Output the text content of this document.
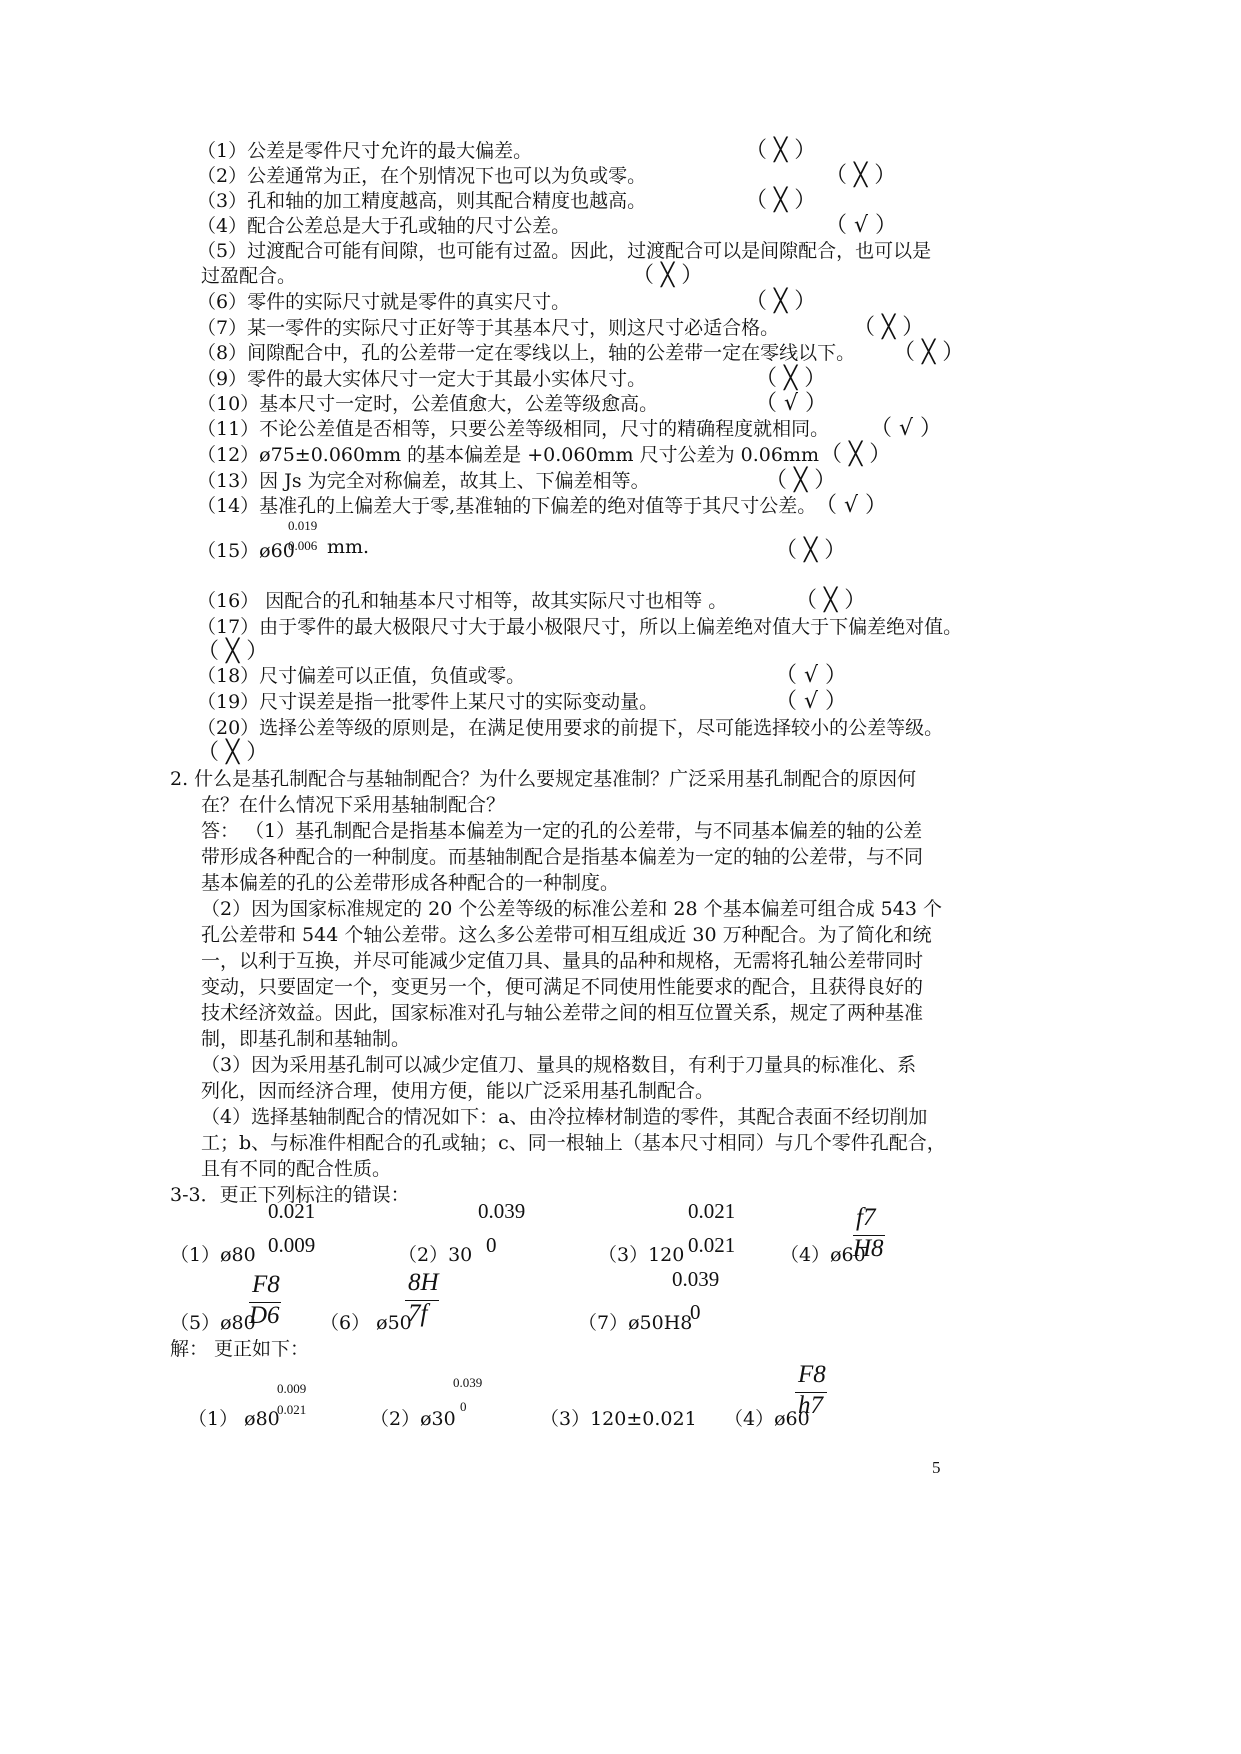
（1）公差是零件尺寸允许的最大偏差。	（ ╳ ）
（2）公差通常为正，在个别情况下也可以为负或零。	（ ╳ ）
（3）孔和轴的加工精度越高，则其配合精度也越高。	（ ╳ ）
（4）配合公差总是大于孔或轴的尺寸公差。	（ √ ）
（5）过渡配合可能有间隙，也可能有过盈。因此，过渡配合可以是间隙配合，也可以是
过盈配合。	（ ╳ ）
（6）零件的实际尺寸就是零件的真实尺寸。	（ ╳ ）
（7）某一零件的实际尺寸正好等于其基本尺寸，则这尺寸必适合格。	（ ╳ ）
（8）间隙配合中，孔的公差带一定在零线以上，轴的公差带一定在零线以下。 （ ╳ ）
（9）零件的最大实体尺寸一定大于其最小实体尺寸。	（ ╳ ）
（10）基本尺寸一定时，公差值愈大，公差等级愈高。	（ √ ）
（11）不论公差值是否相等，只要公差等级相同，尺寸的精确程度就相同。 （ √ ）
（12）ø75±0.060mm 的基本偏差是 +0.060mm 尺寸公差为 0.06mm （ ╳ ）
（13）因 Js 为完全对称偏差，故其上、下偏差相等。	（ ╳ ）
（14）基准孔的上偏差大于零,基准轴的下偏差的绝对值等于其尺寸公差。
（ √ ）
（15）ø60
0.019
0.006 mm.	（ ╳ ）
（16） 因配合的孔和轴基本尺寸相等，故其实际尺寸也相等 。	（ ╳ ）
（17）由于零件的最大极限尺寸大于最小极限尺寸，所以上偏差绝对值大于下偏差绝对值。
（ ╳ ）
（18）尺寸偏差可以正值，负值或零。	（ √ ）
（19）尺寸误差是指一批零件上某尺寸的实际变动量。	（ √ ）
（20）选择公差等级的原则是，在满足使用要求的前提下，尽可能选择较小的公差等级。
（ ╳ ）
2. 什么是基孔制配合与基轴制配合？为什么要规定基准制？广泛采用基孔制配合的原因何
在？在什么情况下采用基轴制配合？
答： （1）基孔制配合是指基本偏差为一定的孔的公差带，与不同基本偏差的轴的公差
带形成各种配合的一种制度。而基轴制配合是指基本偏差为一定的轴的公差带，与不同
基本偏差的孔的公差带形成各种配合的一种制度。
（2）因为国家标准规定的 20 个公差等级的标准公差和 28 个基本偏差可组合成 543 个
孔公差带和 544 个轴公差带。这么多公差带可相互组成近 30 万种配合。为了简化和统
一，以利于互换，并尽可能减少定值刀具、量具的品种和规格，无需将孔轴公差带同时
变动，只要固定一个，变更另一个，便可满足不同使用性能要求的配合，且获得良好的
技术经济效益。因此，国家标准对孔与轴公差带之间的相互位置关系，规定了两种基准
制，即基孔制和基轴制。
（3）因为采用基孔制可以减少定值刀、量具的规格数目，有利于刀量具的标准化、系
列化，因而经济合理，使用方便，能以广泛采用基孔制配合。
（4）选择基轴制配合的情况如下：a、由冷拉棒材制造的零件，其配合表面不经切削加
工；b、与标准件相配合的孔或轴；c、同一根轴上（基本尺寸相同）与几个零件孔配合，
且有不同的配合性质。
3-3．更正下列标注的错误：
（1）ø80
0.021
0.009	（2）30
0.039
0	（3）120
0.021
0.021 （4）ø60
f7
H8
（5）ø80
F8
D6 （6） ø50
8H
7f	（7）ø50H8
0.039
0
解： 更正如下：
（1） ø80
0.009
0.021	（2）ø30
0.039
0
（3）120±0.021 （4）ø60
F8
h7
5
